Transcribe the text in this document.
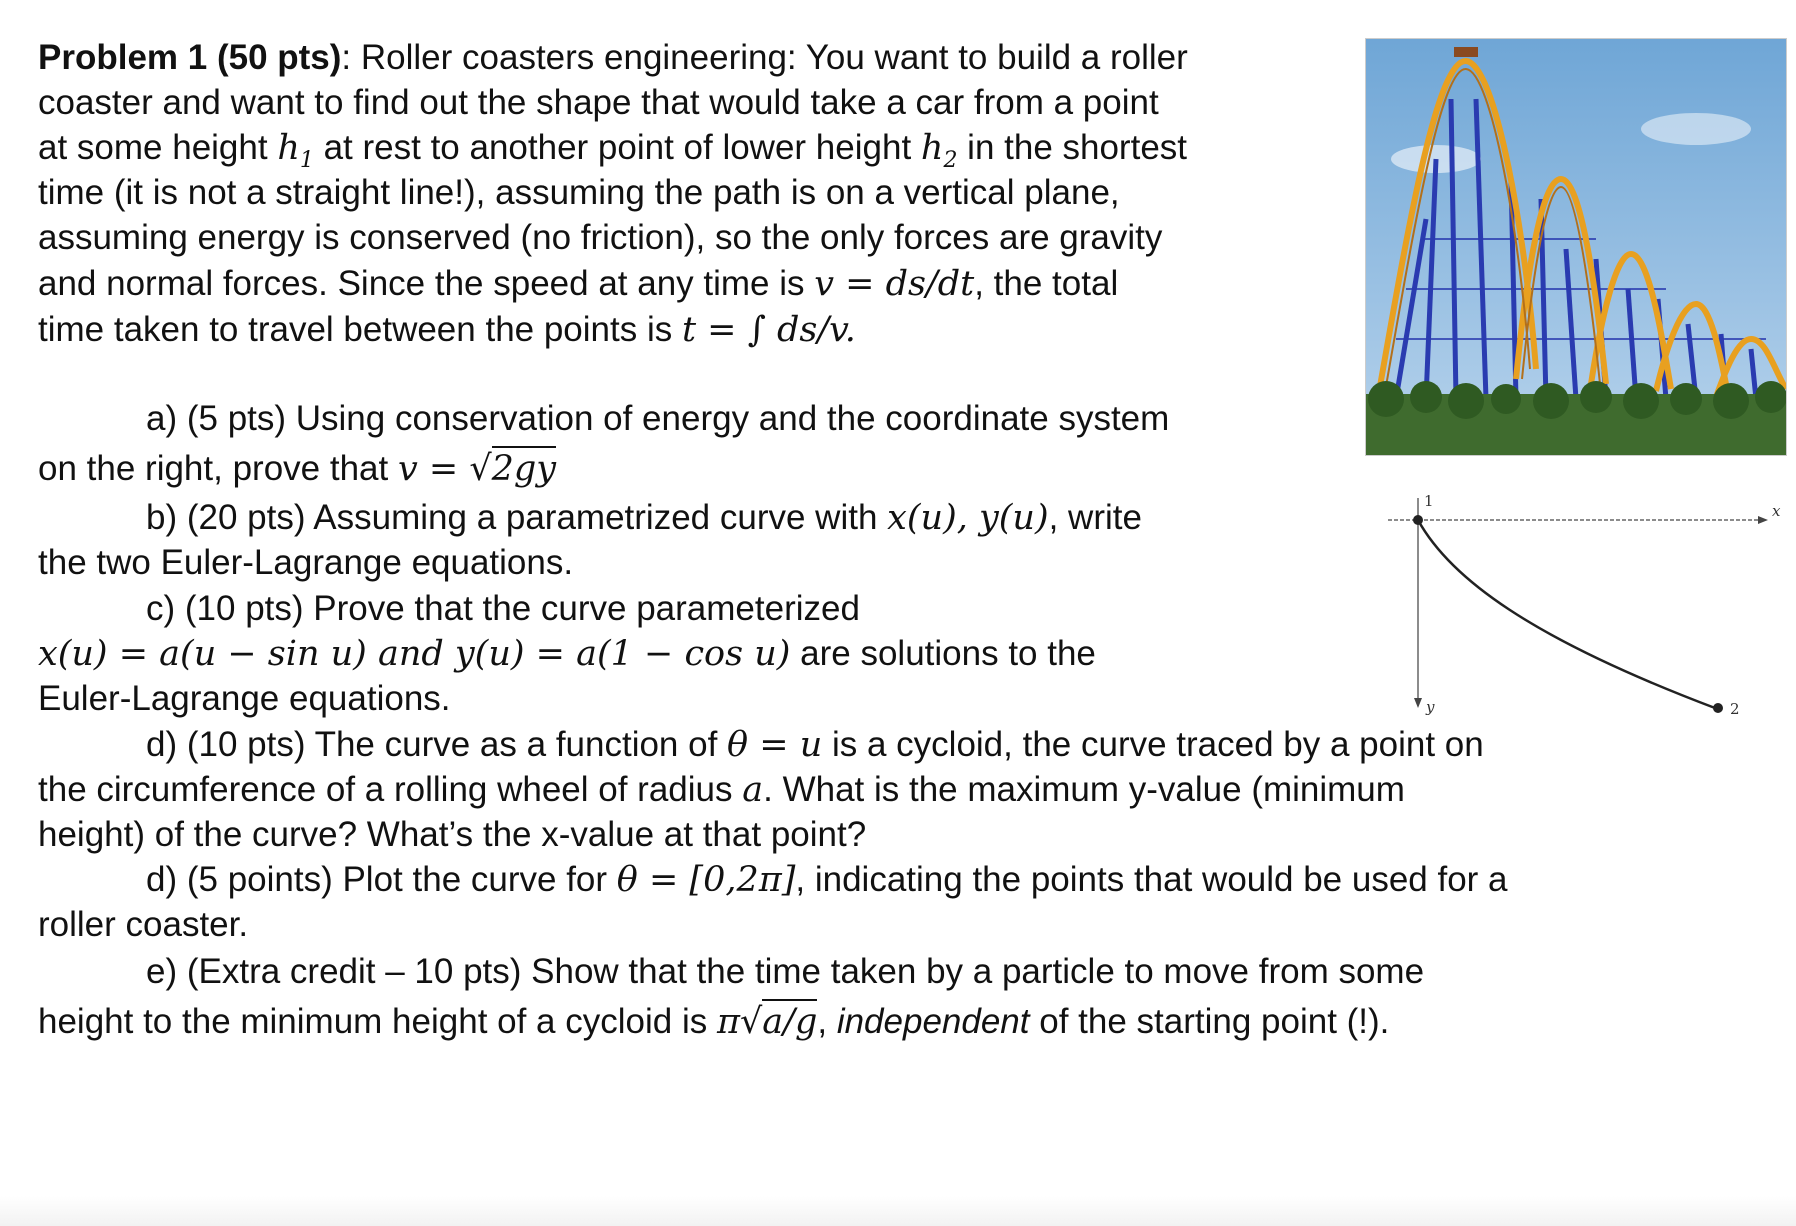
Problem 1 (50 pts): Roller coasters engineering: You want to build a roller
coaster and want to find out the shape that would take a car from a point
at some height $h_1$ at rest to another point of lower height $h_2$ in the shortest
time (it is not a straight line!), assuming the path is on a vertical plane,
assuming energy is conserved (no friction), so the only forces are gravity
and normal forces. Since the speed at any time is v = ds/dt, the total
time taken to travel between the points is t = ∫ ds/v.
a) (5 pts) Using conservation of energy and the coordinate system
on the right, prove that v = √2gy
b) (20 pts) Assuming a parametrized curve with x(u), y(u), write
the two Euler-Lagrange equations.
c) (10 pts) Prove that the curve parameterized
x(u) = a(u − sin u) and y(u) = a(1 − cos u) are solutions to the
Euler-Lagrange equations.
d) (10 pts) The curve as a function of θ = u is a cycloid, the curve traced by a point on
the circumference of a rolling wheel of radius a. What is the maximum y-value (minimum
height) of the curve? What’s the x-value at that point?
d) (5 points) Plot the curve for θ = [0,2π], indicating the points that would be used for a
roller coaster.
e) (Extra credit – 10 pts) Show that the time taken by a particle to move from some
height to the minimum height of a cycloid is π√a/g, independent of the starting point (!).
1
x
y	2
